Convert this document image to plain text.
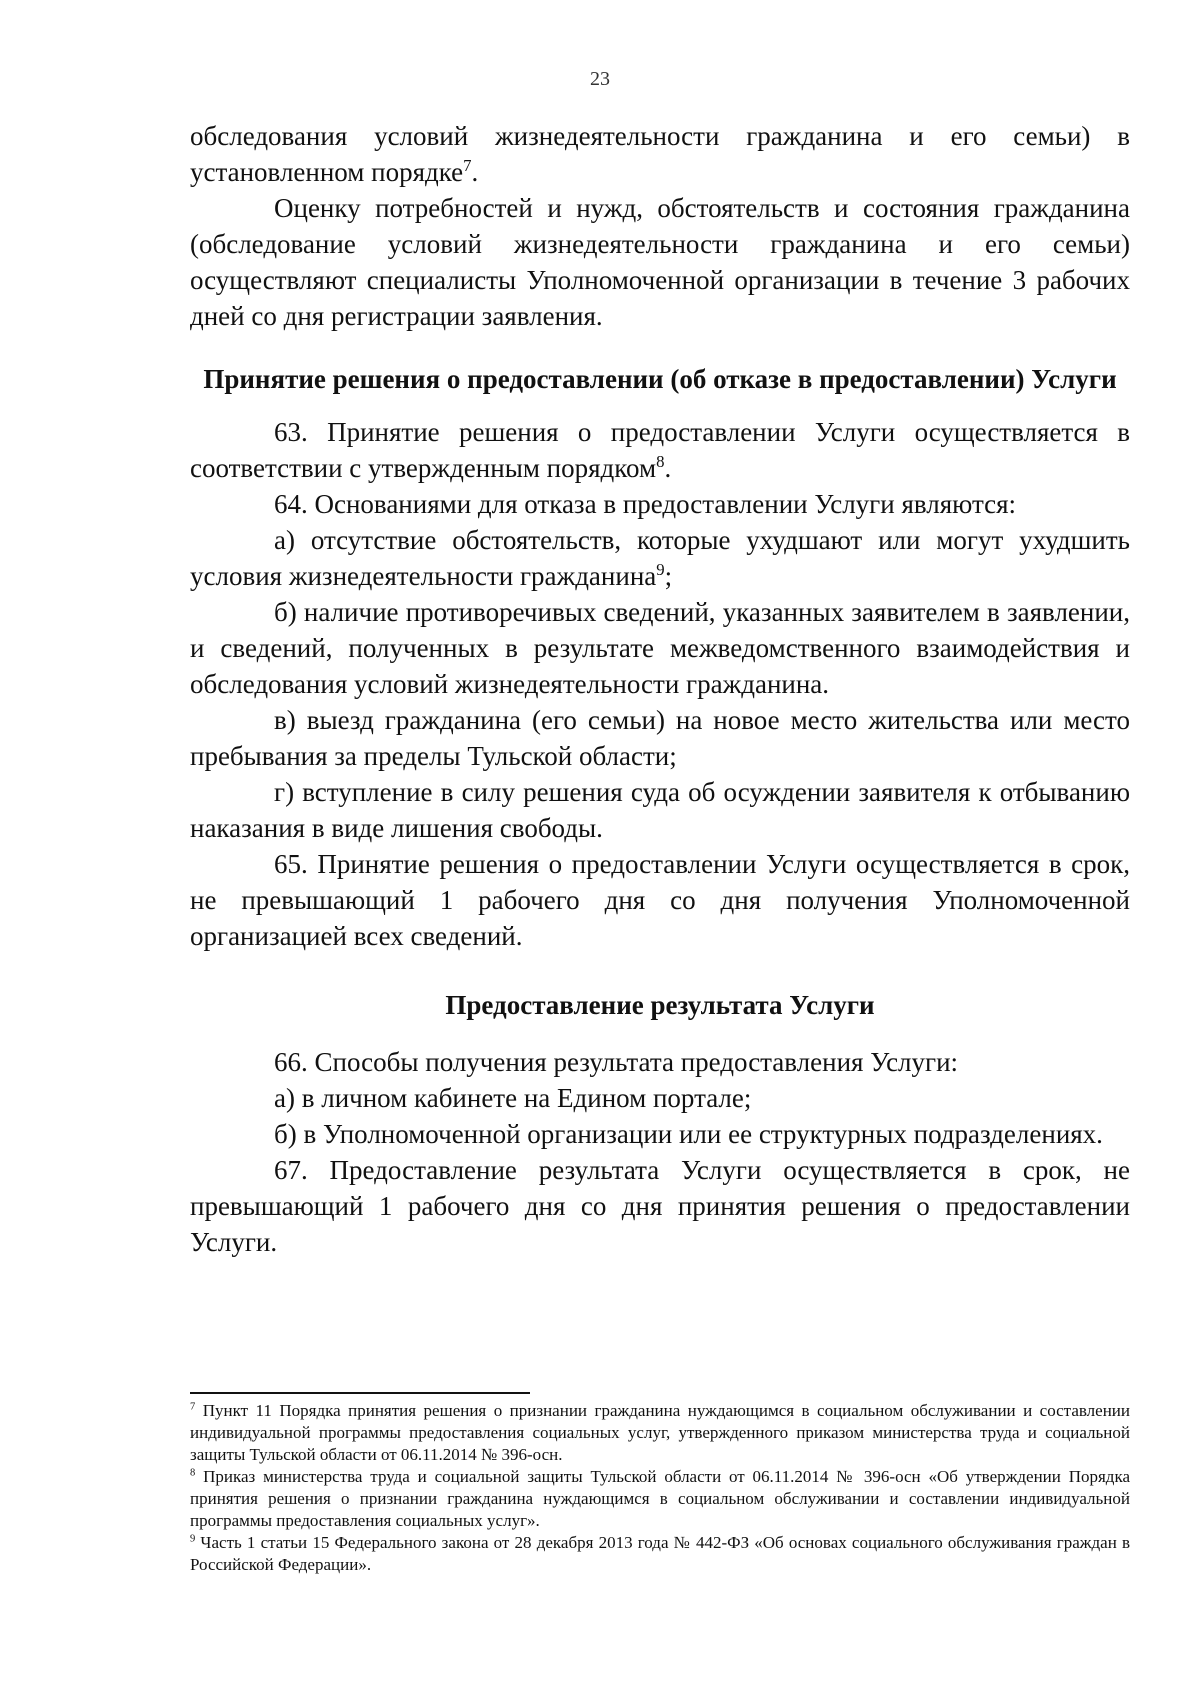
23

обследования условий жизнедеятельности гражданина и его семьи) в установленном порядке$^7$.

Оценку потребностей и нужд, обстоятельств и состояния гражданина (обследование условий жизнедеятельности гражданина и его семьи) осуществляют специалисты Уполномоченной организации в течение 3 рабочих дней со дня регистрации заявления.

Принятие решения о предоставлении (об отказе в предоставлении) Услуги

63. Принятие решения о предоставлении Услуги осуществляется в соответствии с утвержденным порядком$^8$.

64. Основаниями для отказа в предоставлении Услуги являются:

а) отсутствие обстоятельств, которые ухудшают или могут ухудшить условия жизнедеятельности гражданина$^9$;

б) наличие противоречивых сведений, указанных заявителем в заявлении, и сведений, полученных в результате межведомственного взаимодействия и обследования условий жизнедеятельности гражданина.

в) выезд гражданина (его семьи) на новое место жительства или место пребывания за пределы Тульской области;

г) вступление в силу решения суда об осуждении заявителя к отбыванию наказания в виде лишения свободы.

65. Принятие решения о предоставлении Услуги осуществляется в срок, не превышающий 1 рабочего дня со дня получения Уполномоченной организацией всех сведений.

Предоставление результата Услуги

66. Способы получения результата предоставления Услуги:

а) в личном кабинете на Едином портале;

б) в Уполномоченной организации или ее структурных подразделениях.

67. Предоставление результата Услуги осуществляется в срок, не превышающий 1 рабочего дня со дня принятия решения о предоставлении Услуги.

$^7$ Пункт 11 Порядка принятия решения о признании гражданина нуждающимся в социальном обслуживании и составлении индивидуальной программы предоставления социальных услуг, утвержденного приказом министерства труда и социальной защиты Тульской области от 06.11.2014 № 396-осн.

$^8$ Приказ министерства труда и социальной защиты Тульской области от 06.11.2014 № 396-осн «Об утверждении Порядка принятия решения о признании гражданина нуждающимся в социальном обслуживании и составлении индивидуальной программы предоставления социальных услуг».

$^9$ Часть 1 статьи 15 Федерального закона от 28 декабря 2013 года № 442-ФЗ «Об основах социального обслуживания граждан в Российской Федерации».
